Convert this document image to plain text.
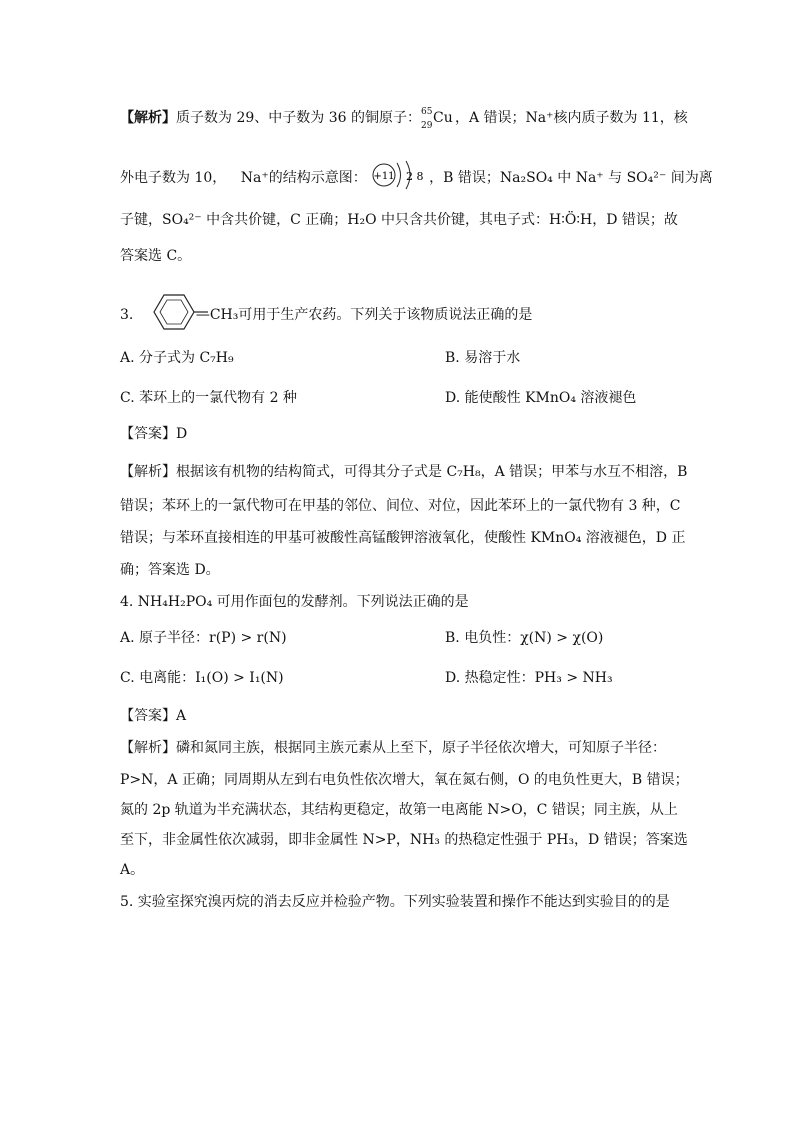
【解析】质子数为 29、中子数为 36 的铜原子： 65
29 Cu ，A 错误；Na⁺核内质子数为 11，核
外电子数为 10， Na⁺的结构示意图： +11 2 8 ，B 错误；Na₂SO₄ 中 Na⁺ 与 SO₄²⁻ 间为离
子键，SO₄²⁻ 中含共价键，C 正确；H₂O 中只含共价键，其电子式：H∶Ö∶H，D 错误；故
答案选 C。
3.	—CH₃可用于生产农药。下列关于该物质说法正确的是
A. 分子式为 C₇H₉	B. 易溶于水
C. 苯环上的一氯代物有 2 种	D. 能使酸性 KMnO₄ 溶液褪色
【答案】D
【解析】根据该有机物的结构简式，可得其分子式是 C₇H₈，A 错误；甲苯与水互不相溶，B
错误；苯环上的一氯代物可在甲基的邻位、间位、对位，因此苯环上的一氯代物有 3 种，C
错误；与苯环直接相连的甲基可被酸性高锰酸钾溶液氧化，使酸性 KMnO₄ 溶液褪色，D 正
确；答案选 D。
4. NH₄H₂PO₄ 可用作面包的发酵剂。下列说法正确的是
A. 原子半径：r(P) > r(N)	B. 电负性：χ(N) > χ(O)
C. 电离能：I₁(O) > I₁(N)	D. 热稳定性：PH₃ > NH₃
【答案】A
【解析】磷和氮同主族，根据同主族元素从上至下，原子半径依次增大，可知原子半径：
P>N，A 正确；同周期从左到右电负性依次增大，氧在氮右侧，O 的电负性更大，B 错误；
氮的 2p 轨道为半充满状态，其结构更稳定，故第一电离能 N>O，C 错误；同主族，从上
至下，非金属性依次减弱，即非金属性 N>P，NH₃ 的热稳定性强于 PH₃，D 错误；答案选
A。
5. 实验室探究溴丙烷的消去反应并检验产物。下列实验装置和操作不能达到实验目的的是
